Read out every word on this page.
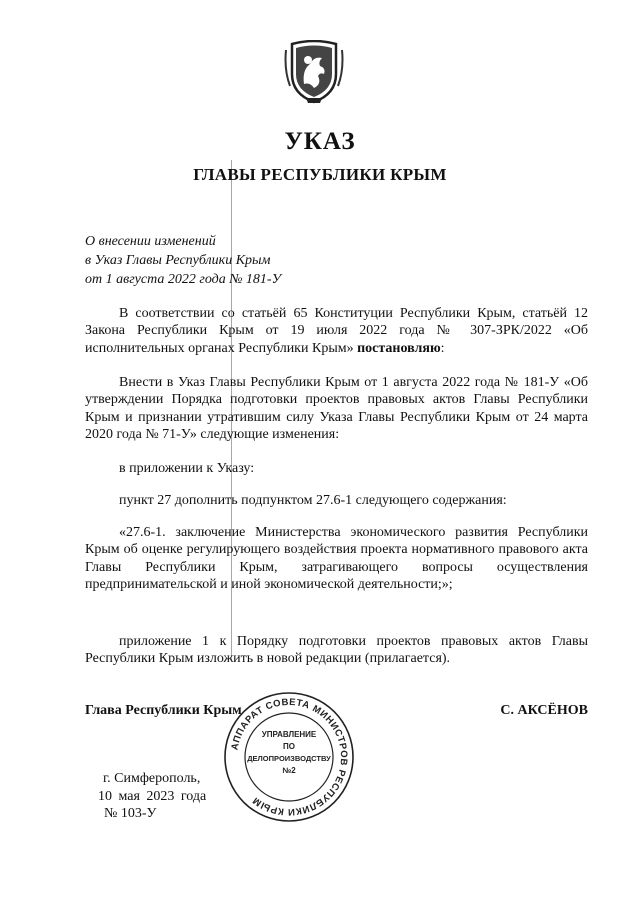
УКАЗ
ГЛАВЫ РЕСПУБЛИКИ КРЫМ
О внесении изменений
в Указ Главы Республики Крым
от 1 августа 2022 года № 181-У

В соответствии со статьёй 65 Конституции Республики Крым, статьёй 12 Закона Республики Крым от 19 июля 2022 года № 307-ЗРК/2022 «Об исполнительных органах Республики Крым» постановляю:

Внести в Указ Главы Республики Крым от 1 августа 2022 года № 181-У «Об утверждении Порядка подготовки проектов правовых актов Главы Республики Крым и признании утратившим силу Указа Главы Республики Крым от 24 марта 2020 года № 71-У» следующие изменения:

в приложении к Указу:

пункт 27 дополнить подпунктом 27.6-1 следующего содержания:

«27.6-1. заключение Министерства экономического развития Республики Крым об оценке регулирующего воздействия проекта нормативного правового акта Главы Республики Крым, затрагивающего вопросы осуществления предпринимательской и иной экономической деятельности;»;

приложение 1 к Порядку подготовки проектов правовых актов Главы Республики Крым изложить в новой редакции (прилагается).

Глава Республики Крым	С. АКСЁНОВ
АППАРАТ СОВЕТА МИНИСТРОВ РЕСПУБЛИКИ КРЫМ
УПРАВЛЕНИЕ
ПО
ДЕЛОПРОИЗВОДСТВУ
№2
г. Симферополь,
10 мая 2023 года
№ 103-У
